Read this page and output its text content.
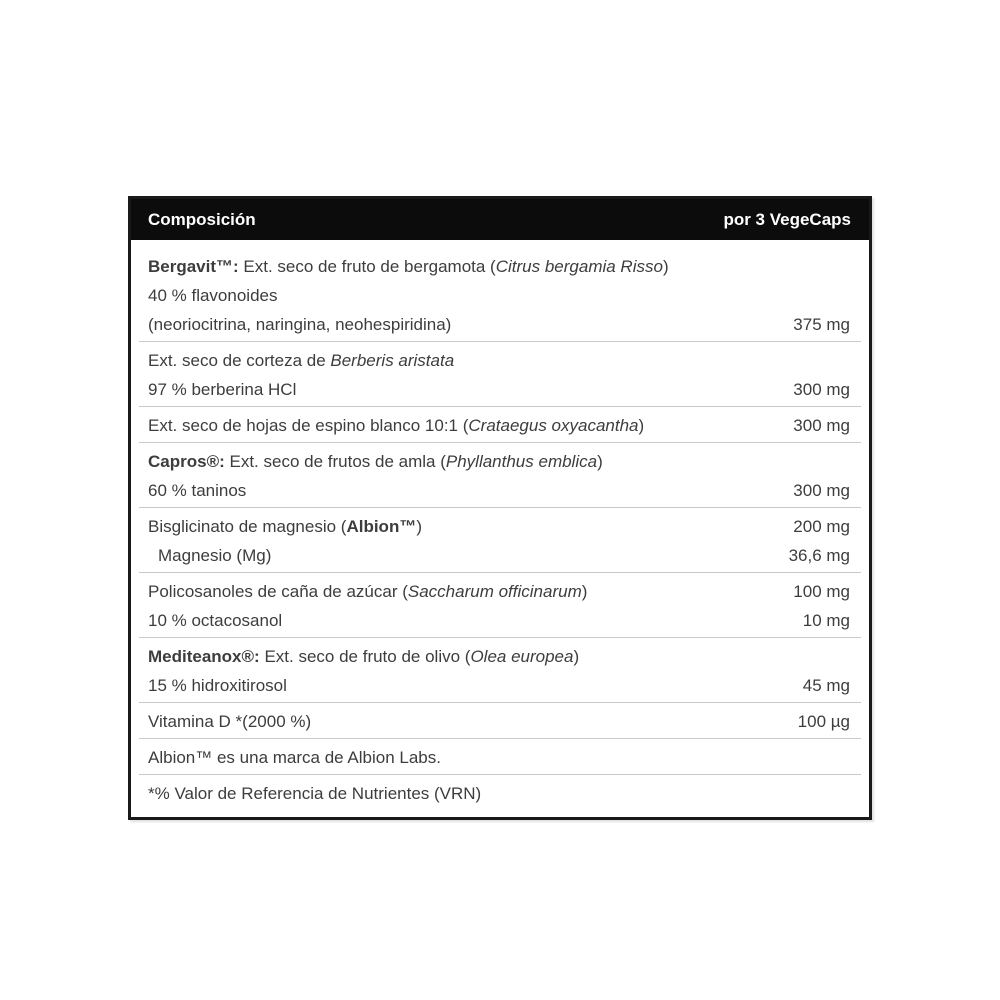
Composición	por 3 VegeCaps
Bergavit™: Ext. seco de fruto de bergamota (Citrus bergamia Risso)
40 % flavonoides
(neoriocitrina, naringina, neohespiridina)	375 mg
Ext. seco de corteza de Berberis aristata
97 % berberina HCl	300 mg
Ext. seco de hojas de espino blanco 10:1 (Crataegus oxyacantha)	300 mg
Capros®: Ext. seco de frutos de amla (Phyllanthus emblica)
60 % taninos	300 mg
Bisglicinato de magnesio (Albion™)	200 mg
Magnesio (Mg)	36,6 mg
Policosanoles de caña de azúcar (Saccharum officinarum)	100 mg
10 % octacosanol	10 mg
Mediteanox®: Ext. seco de fruto de olivo (Olea europea)
15 % hidroxitirosol	45 mg
Vitamina D *(2000 %)	100 µg
Albion™ es una marca de Albion Labs.
*% Valor de Referencia de Nutrientes (VRN)
